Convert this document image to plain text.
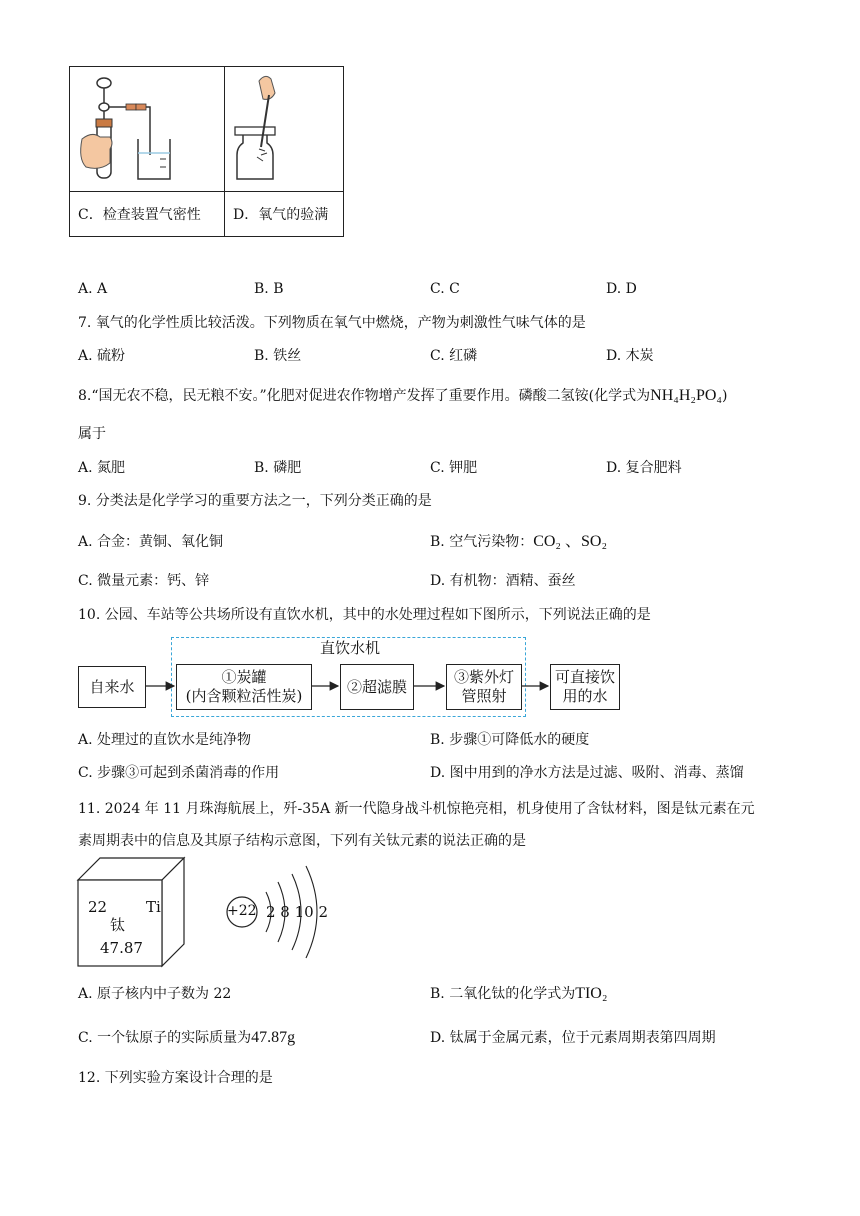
C．检查装置气密性	D．氧气的验满
A. A	B. B	C. C	D. D
7. 氧气的化学性质比较活泼。下列物质在氧气中燃烧，产物为刺激性气味气体的是
A. 硫粉	B. 铁丝	C. 红磷	D. 木炭
8.“国无农不稳，民无粮不安。”化肥对促进农作物增产发挥了重要作用。磷酸二氢铵(化学式为NH₄H₂PO₄)
属于
A. 氮肥	B. 磷肥	C. 钾肥	D. 复合肥料
9. 分类法是化学学习的重要方法之一，下列分类正确的是
A. 合金：黄铜、氧化铜	B. 空气污染物：CO₂ 、SO₂
C. 微量元素：钙、锌	D. 有机物：酒精、蚕丝
10. 公园、车站等公共场所设有直饮水机，其中的水处理过程如下图所示，下列说法正确的是
直饮水机
自来水
①炭罐
(内含颗粒活性炭)
②超滤膜
③紫外灯
管照射
可直接饮
用的水
A. 处理过的直饮水是纯净物	B. 步骤①可降低水的硬度
C. 步骤③可起到杀菌消毒的作用	D. 图中用到的净水方法是过滤、吸附、消毒、蒸馏
11. 2024 年 11 月珠海航展上，歼-35A 新一代隐身战斗机惊艳亮相，机身使用了含钛材料，图是钛元素在元
素周期表中的信息及其原子结构示意图，下列有关钛元素的说法正确的是
22	Ti
钛
47.87
+22 2 8 10 2
A. 原子核内中子数为 22	B. 二氧化钛的化学式为TIO₂
C. 一个钛原子的实际质量为47.87g	D. 钛属于金属元素，位于元素周期表第四周期
12. 下列实验方案设计合理的是
